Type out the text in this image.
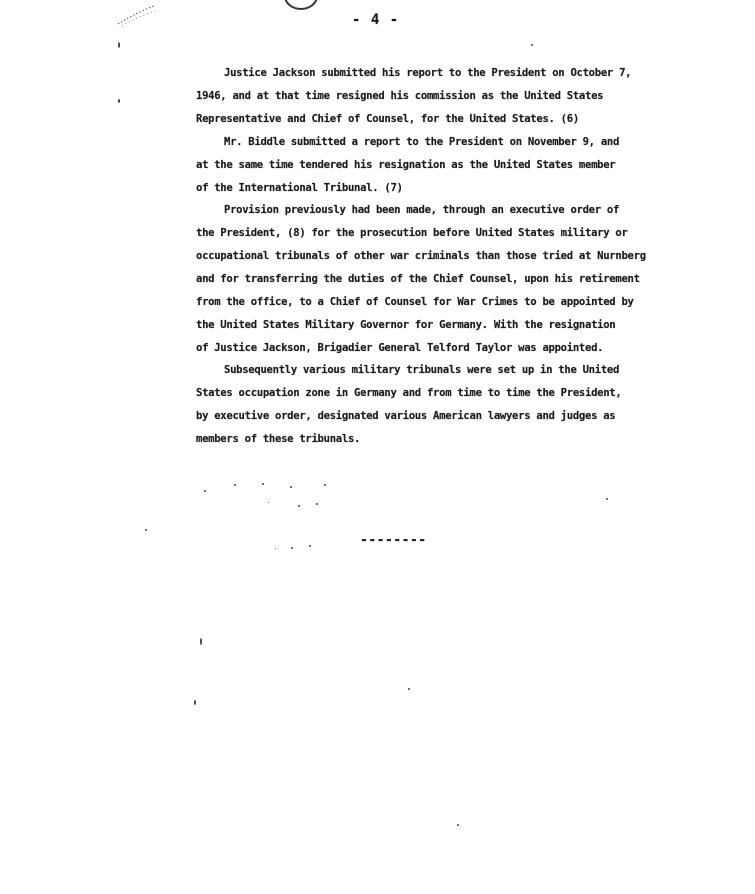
- 4 -
Justice Jackson submitted his report to the President on October 7,
1946, and at that time resigned his commission as the United States
Representative and Chief of Counsel, for the United States. (6)
Mr. Biddle submitted a report to the President on November 9, and
at the same time tendered his resignation as the United States member
of the International Tribunal. (7)
Provision previously had been made, through an executive order of
the President, (8) for the prosecution before United States military or
occupational tribunals of other war criminals than those tried at Nurnberg
and for transferring the duties of the Chief Counsel, upon his retirement
from the office, to a Chief of Counsel for War Crimes to be appointed by
the United States Military Governor for Germany. With the resignation
of Justice Jackson, Brigadier General Telford Taylor was appointed.
Subsequently various military tribunals were set up in the United
States occupation zone in Germany and from time to time the President,
by executive order, designated various American lawyers and judges as
members of these tribunals.
--------
